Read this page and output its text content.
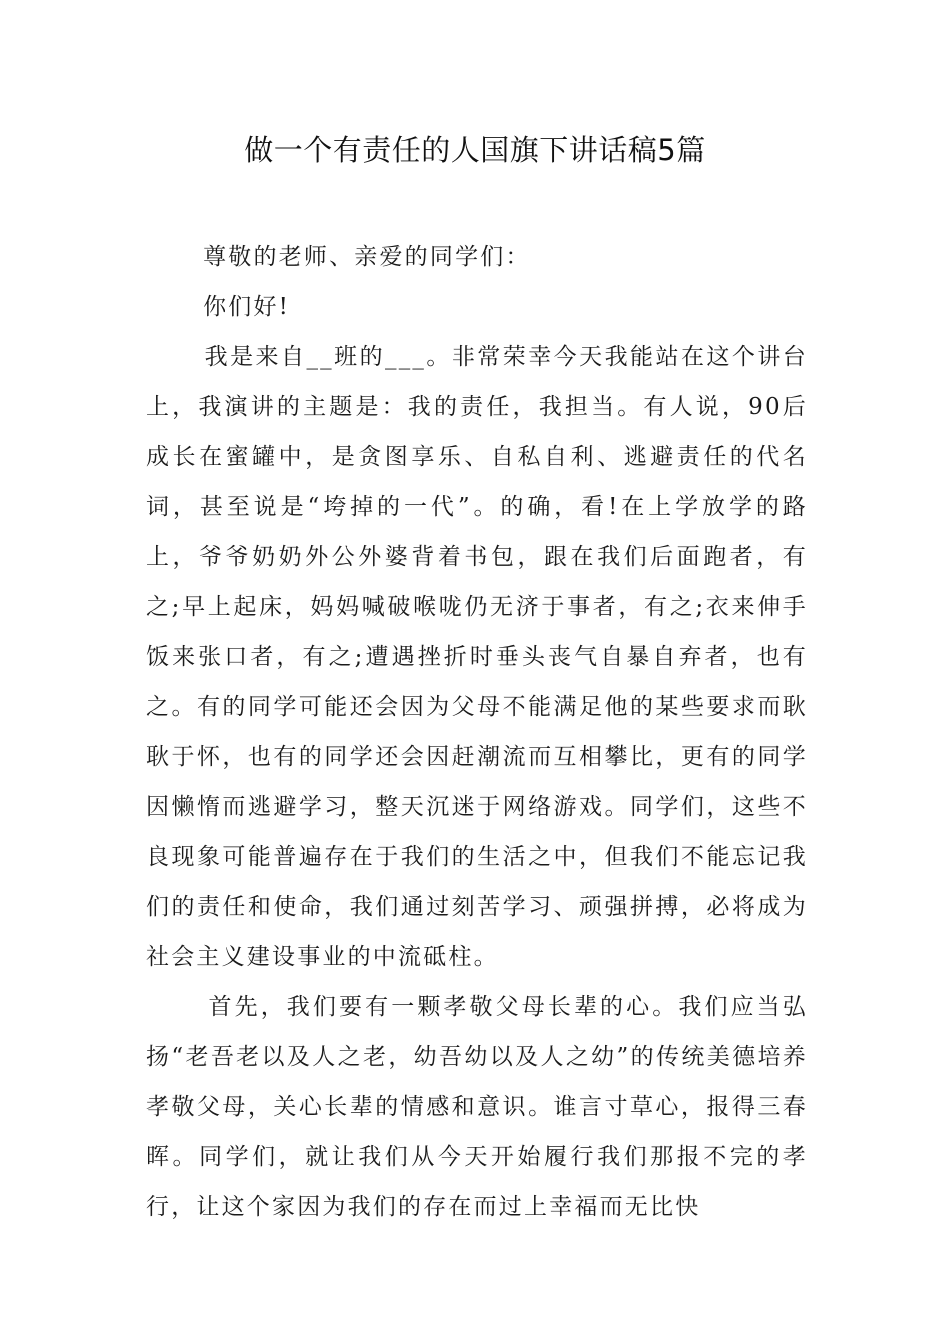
做一个有责任的人国旗下讲话稿5篇

尊敬的老师、亲爱的同学们：

你们好!

我是来自__班的___。非常荣幸今天我能站在这个讲台上，我演讲的主题是：我的责任，我担当。有人说，90后成长在蜜罐中，是贪图享乐、自私自利、逃避责任的代名词，甚至说是“垮掉的一代”。的确，看!在上学放学的路上，爷爷奶奶外公外婆背着书包，跟在我们后面跑者，有之;早上起床，妈妈喊破喉咙仍无济于事者，有之;衣来伸手饭来张口者，有之;遭遇挫折时垂头丧气自暴自弃者，也有之。有的同学可能还会因为父母不能满足他的某些要求而耿耿于怀，也有的同学还会因赶潮流而互相攀比，更有的同学因懒惰而逃避学习，整天沉迷于网络游戏。同学们，这些不良现象可能普遍存在于我们的生活之中，但我们不能忘记我们的责任和使命，我们通过刻苦学习、顽强拼搏，必将成为社会主义建设事业的中流砥柱。

首先，我们要有一颗孝敬父母长辈的心。我们应当弘扬“老吾老以及人之老，幼吾幼以及人之幼”的传统美德培养孝敬父母，关心长辈的情感和意识。谁言寸草心，报得三春晖。同学们，就让我们从今天开始履行我们那报不完的孝行，让这个家因为我们的存在而过上幸福而无比快
